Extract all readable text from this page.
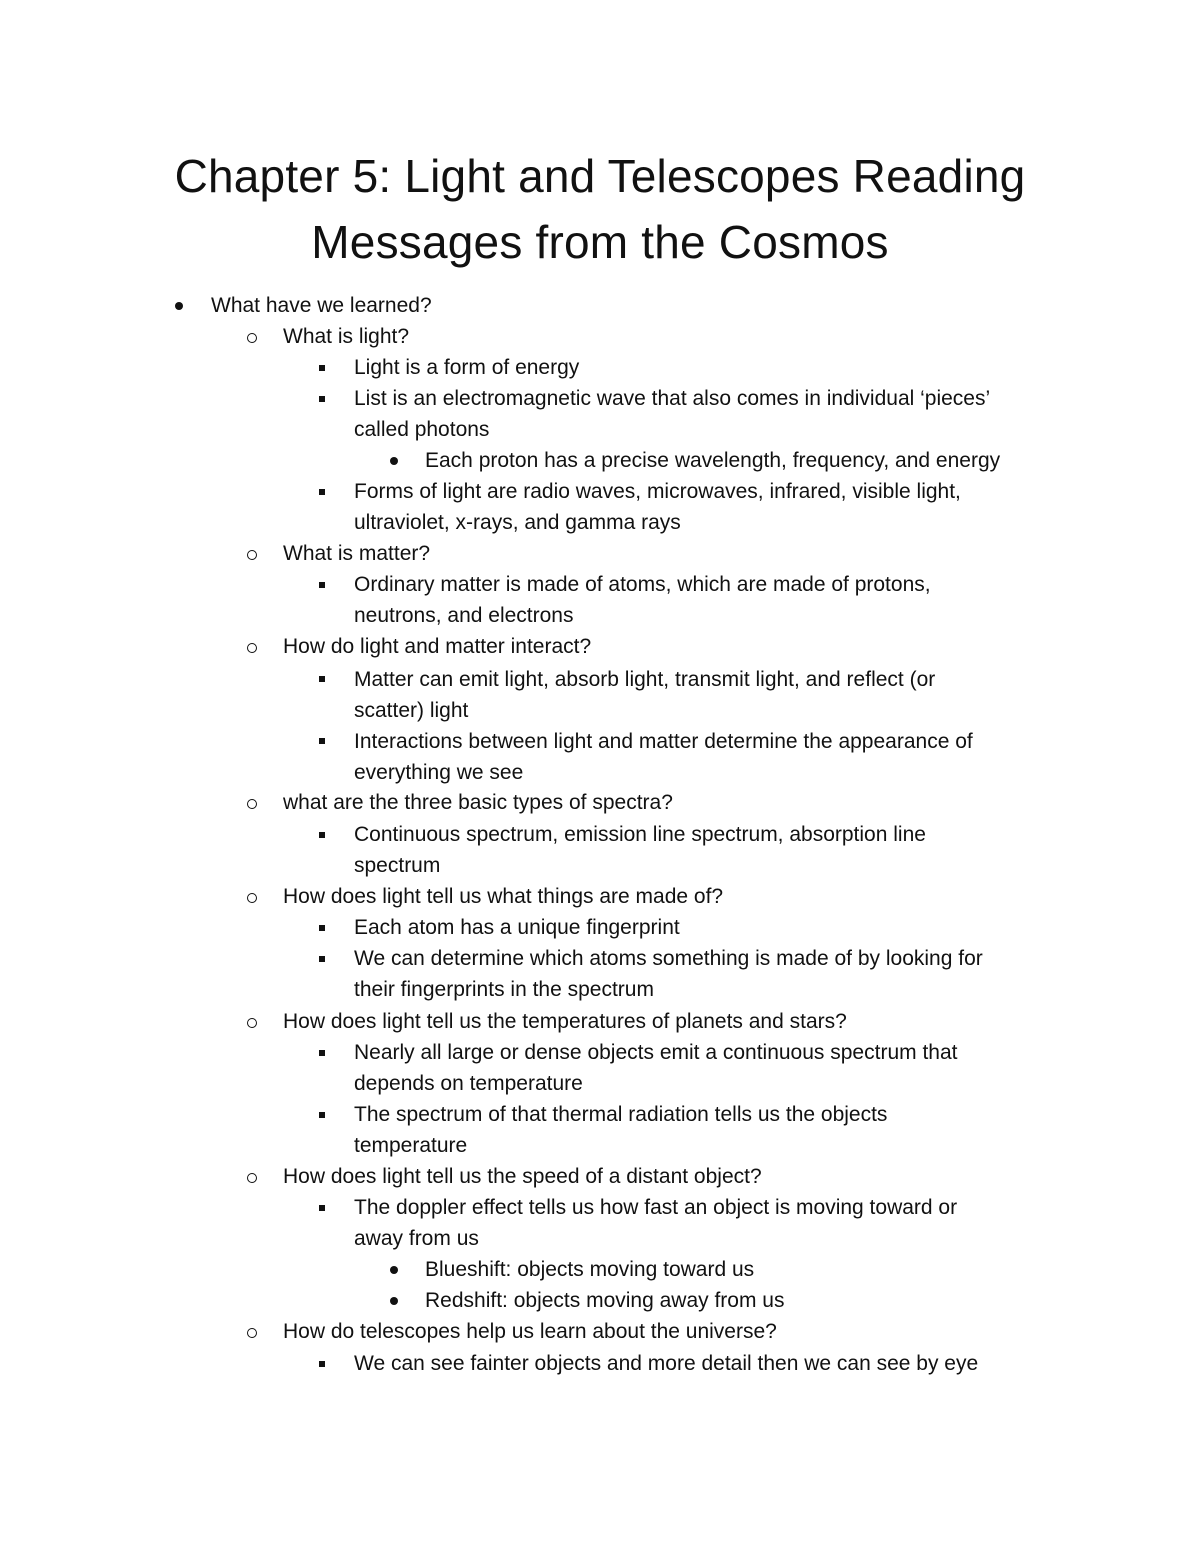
Chapter 5: Light and Telescopes Reading
Messages from the Cosmos
What have we learned?
What is light?
Light is a form of energy
List is an electromagnetic wave that also comes in individual ‘pieces’
called photons
Each proton has a precise wavelength, frequency, and energy
Forms of light are radio waves, microwaves, infrared, visible light,
ultraviolet, x-rays, and gamma rays
What is matter?
Ordinary matter is made of atoms, which are made of protons,
neutrons, and electrons
How do light and matter interact?
Matter can emit light, absorb light, transmit light, and reflect (or
scatter) light
Interactions between light and matter determine the appearance of
everything we see
what are the three basic types of spectra?
Continuous spectrum, emission line spectrum, absorption line
spectrum
How does light tell us what things are made of?
Each atom has a unique fingerprint
We can determine which atoms something is made of by looking for
their fingerprints in the spectrum
How does light tell us the temperatures of planets and stars?
Nearly all large or dense objects emit a continuous spectrum that
depends on temperature
The spectrum of that thermal radiation tells us the objects
temperature
How does light tell us the speed of a distant object?
The doppler effect tells us how fast an object is moving toward or
away from us
Blueshift: objects moving toward us
Redshift: objects moving away from us
How do telescopes help us learn about the universe?
We can see fainter objects and more detail then we can see by eye
